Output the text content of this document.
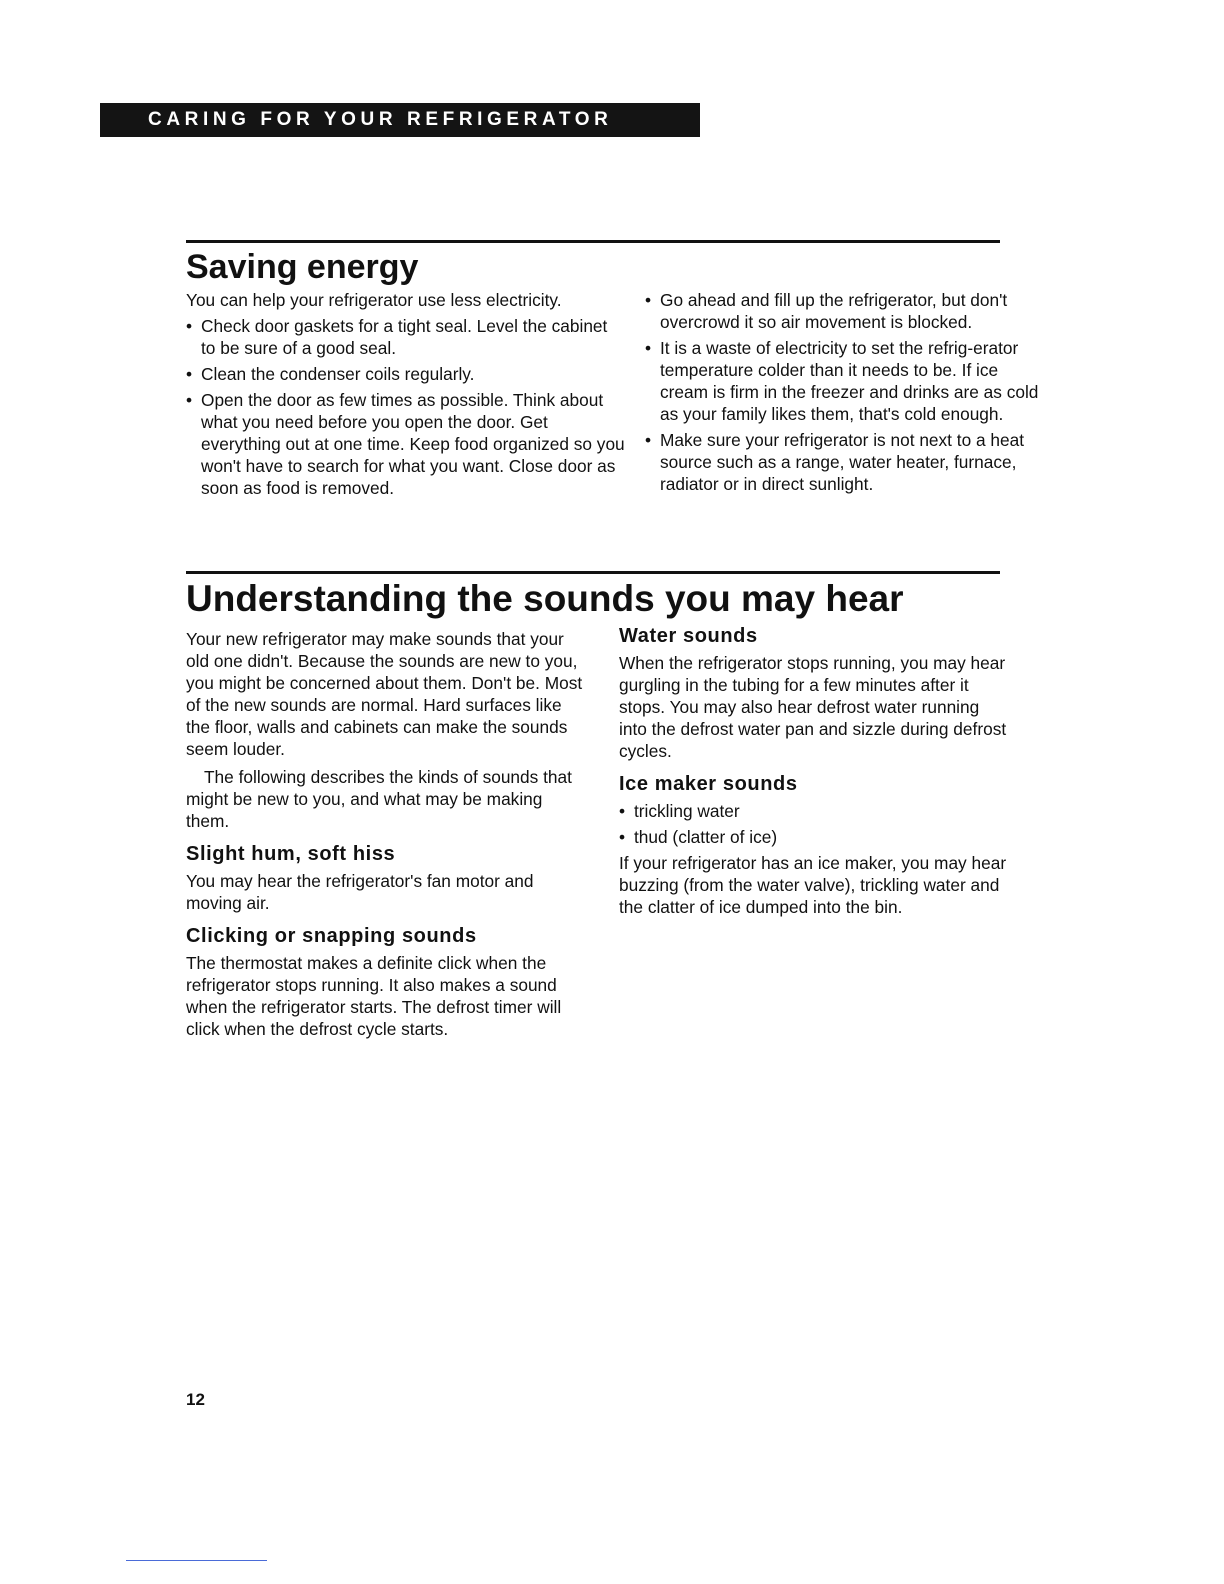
CARING FOR YOUR REFRIGERATOR
Saving energy

You can help your refrigerator use less electricity.

• Check door gaskets for a tight seal. Level the cabinet to be sure of a good seal.
• Clean the condenser coils regularly.
• Open the door as few times as possible. Think about what you need before you open the door. Get everything out at one time. Keep food organized so you won't have to search for what you want. Close door as soon as food is removed.
• Go ahead and fill up the refrigerator, but don't overcrowd it so air movement is blocked.
• It is a waste of electricity to set the refrig-erator temperature colder than it needs to be. If ice cream is firm in the freezer and drinks are as cold as your family likes them, that's cold enough.
• Make sure your refrigerator is not next to a heat source such as a range, water heater, furnace, radiator or in direct sunlight.
Understanding the sounds you may hear

Your new refrigerator may make sounds that your old one didn't. Because the sounds are new to you, you might be concerned about them. Don't be. Most of the new sounds are normal. Hard surfaces like the floor, walls and cabinets can make the sounds seem louder.

The following describes the kinds of sounds that might be new to you, and what may be making them.

Slight hum, soft hiss

You may hear the refrigerator's fan motor and moving air.

Clicking or snapping sounds

The thermostat makes a definite click when the refrigerator stops running. It also makes a sound when the refrigerator starts. The defrost timer will click when the defrost cycle starts.

Water sounds

When the refrigerator stops running, you may hear gurgling in the tubing for a few minutes after it stops. You may also hear defrost water running into the defrost water pan and sizzle during defrost cycles.

Ice maker sounds
• trickling water
• thud (clatter of ice)

If your refrigerator has an ice maker, you may hear buzzing (from the water valve), trickling water and the clatter of ice dumped into the bin.

12
